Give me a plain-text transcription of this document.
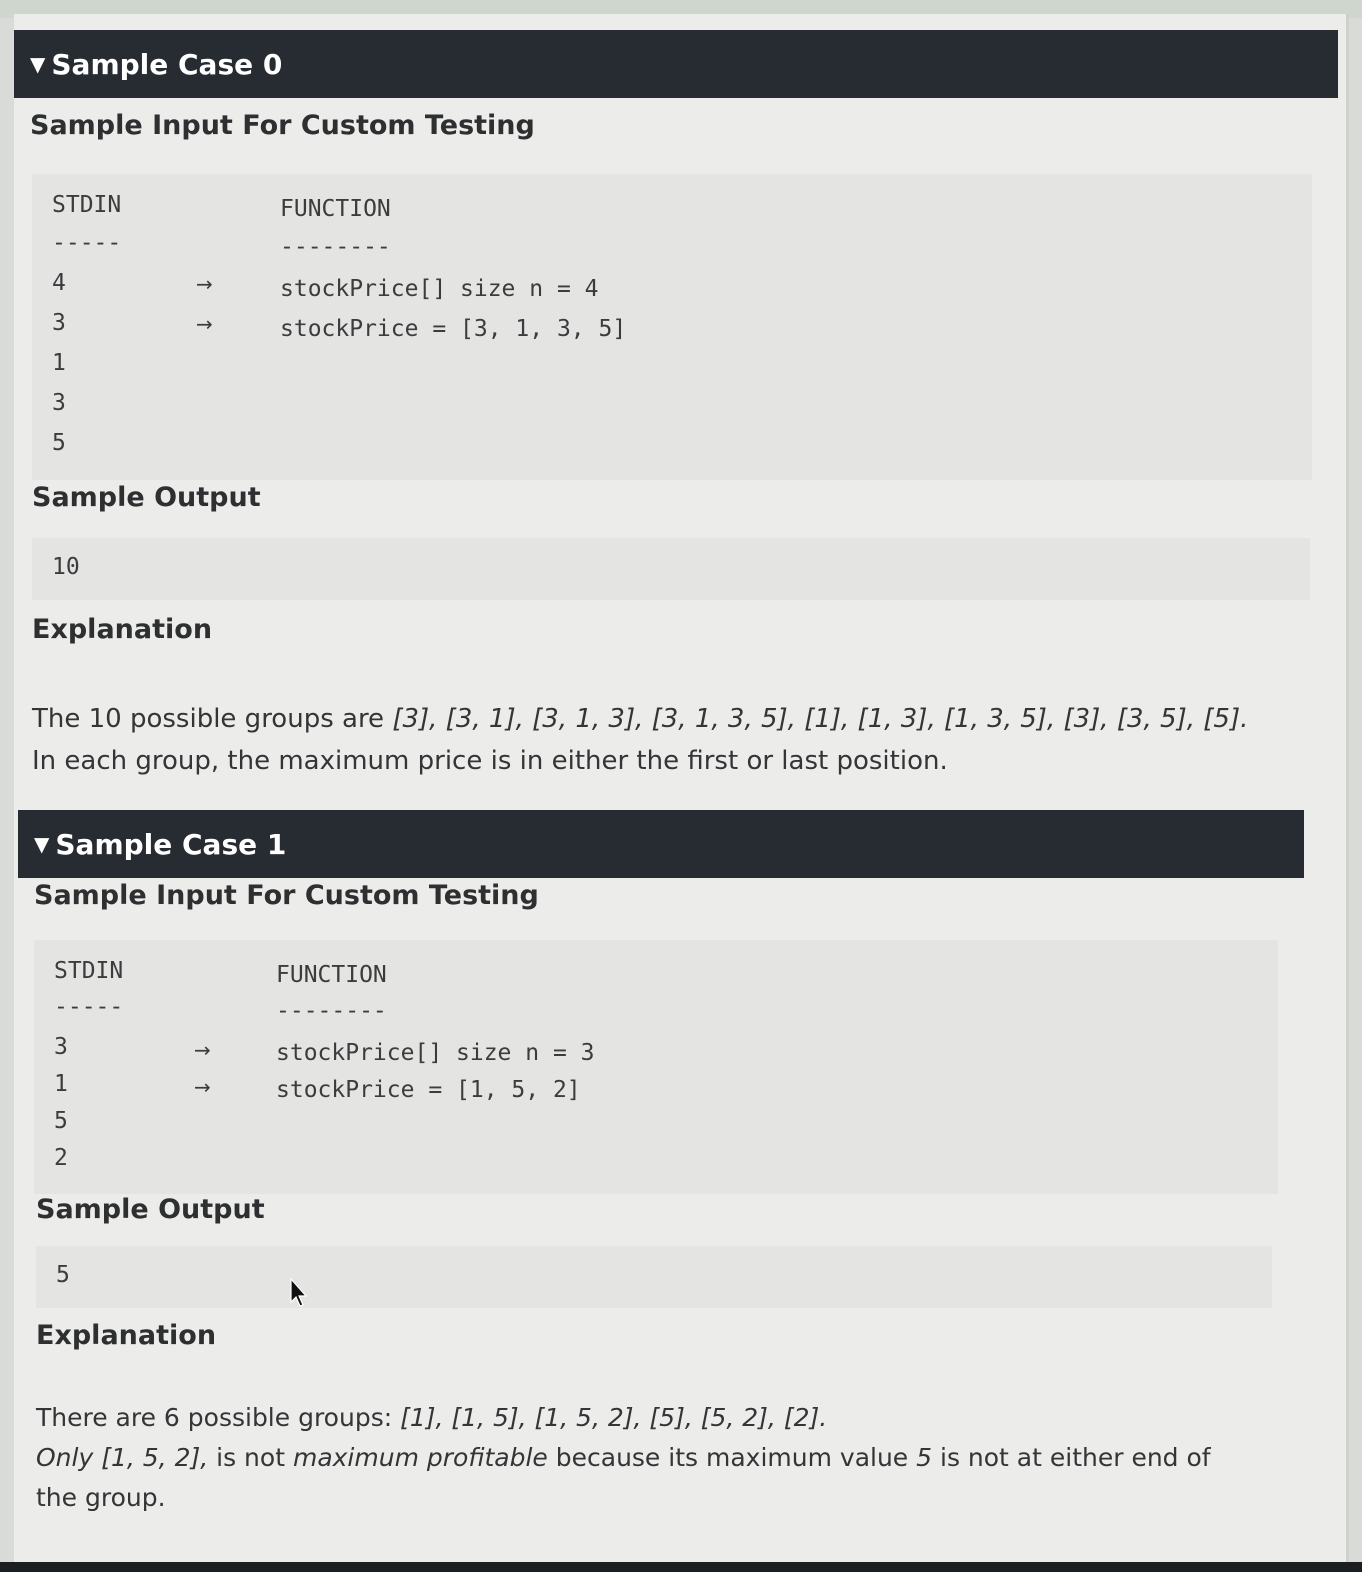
▼ Sample Case 0
Sample Input For Custom Testing
STDIN
-----
FUNCTION
--------
4
3
1
3
5
→
→
stockPrice[] size n = 4
stockPrice = [3, 1, 3, 5]
Sample Output
10
Explanation
The 10 possible groups are [3], [3, 1], [3, 1, 3], [3, 1, 3, 5], [1], [1, 3], [1, 3, 5], [3], [3, 5], [5].
In each group, the maximum price is in either the first or last position.
▼ Sample Case 1
Sample Input For Custom Testing
STDIN
-----
FUNCTION
--------
3
1
5
2
→
→
stockPrice[] size n = 3
stockPrice = [1, 5, 2]
Sample Output
5
Explanation
There are 6 possible groups: [1], [1, 5], [1, 5, 2], [5], [5, 2], [2].
Only [1, 5, 2], is not maximum profitable because its maximum value 5 is not at either end of
the group.
